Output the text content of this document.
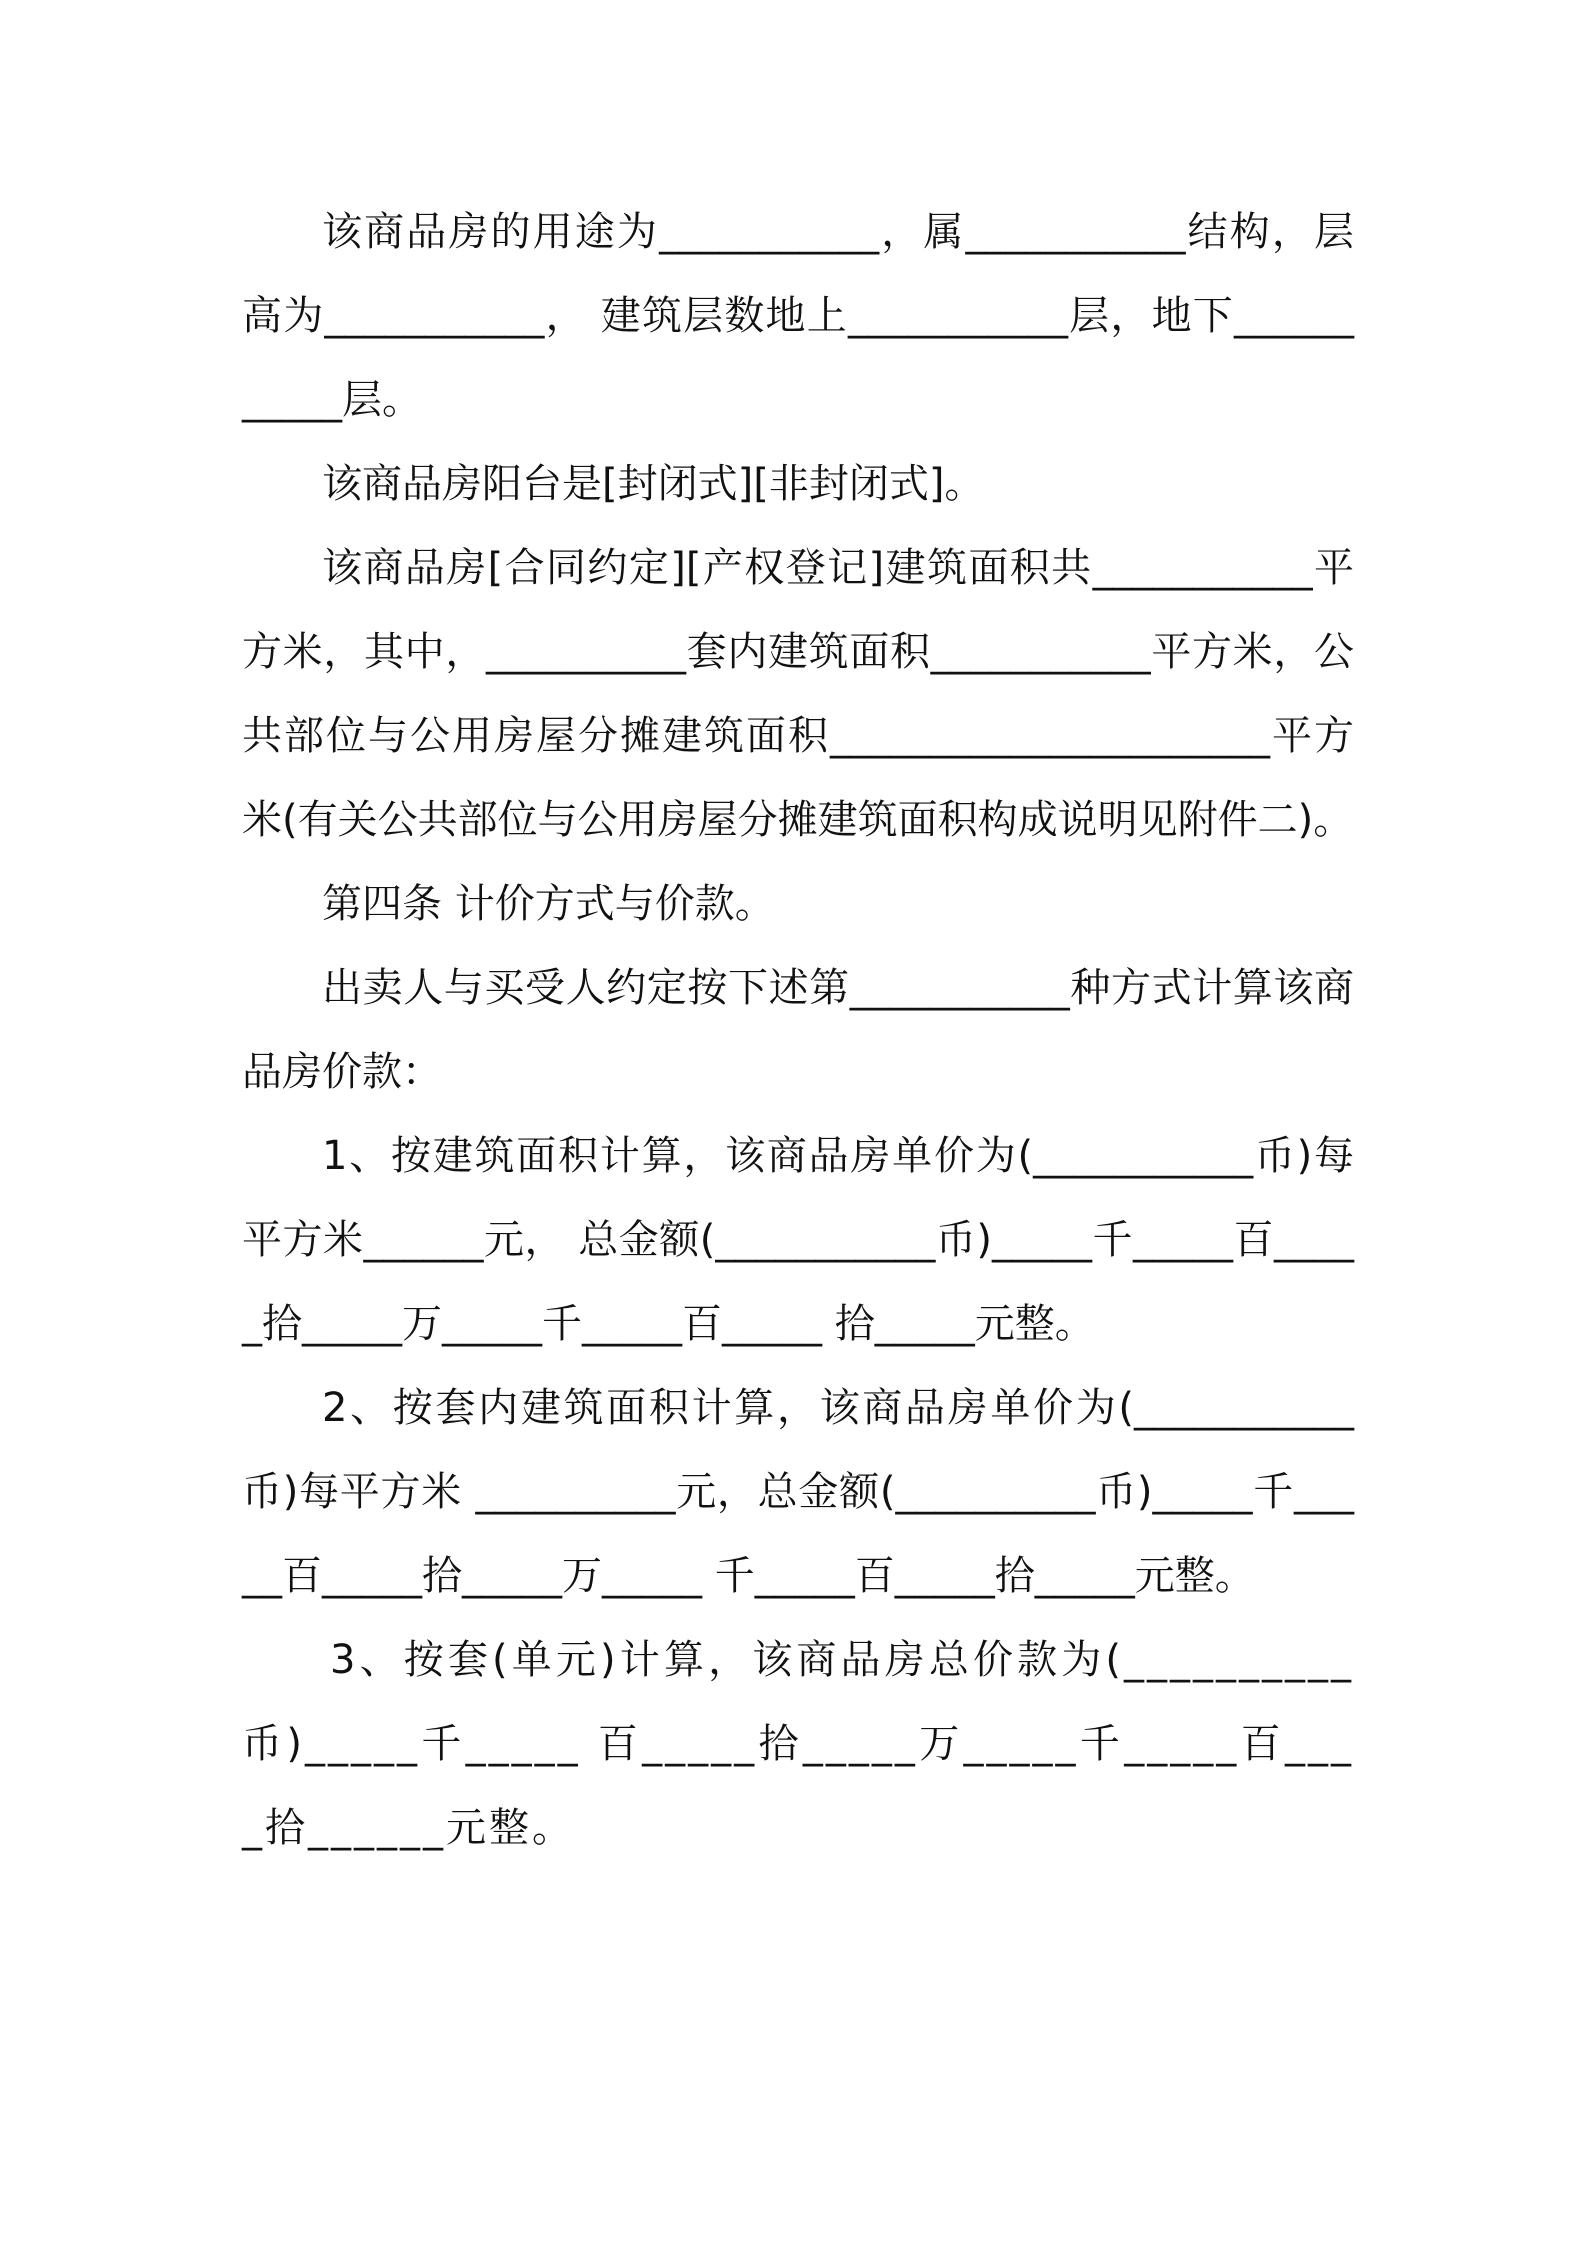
该商品房的用途为___________，属___________结构，层高为___________， 建筑层数地上___________层，地下___________层。

该商品房阳台是[封闭式][非封闭式]。

该商品房[合同约定][产权登记]建筑面积共___________平方米，其中，__________套内建筑面积___________平方米，公共部位与公用房屋分摊建筑面积______________________平方米(有关公共部位与公用房屋分摊建筑面积构成说明见附件二)。

第四条 计价方式与价款。

出卖人与买受人约定按下述第___________种方式计算该商品房价款：

1、按建筑面积计算，该商品房单价为(___________币)每平方米______元， 总金额(___________币)_____千_____百_____拾_____万_____千_____百_____ 拾_____元整。

2、按套内建筑面积计算，该商品房单价为(___________币)每平方米 __________元，总金额(__________币)_____千_____百_____拾_____万_____ 千_____百_____拾_____元整。

3、按套(单元)计算，该商品房总价款为(__________币)_____千_____ 百_____拾_____万_____千_____百____拾______元整。
